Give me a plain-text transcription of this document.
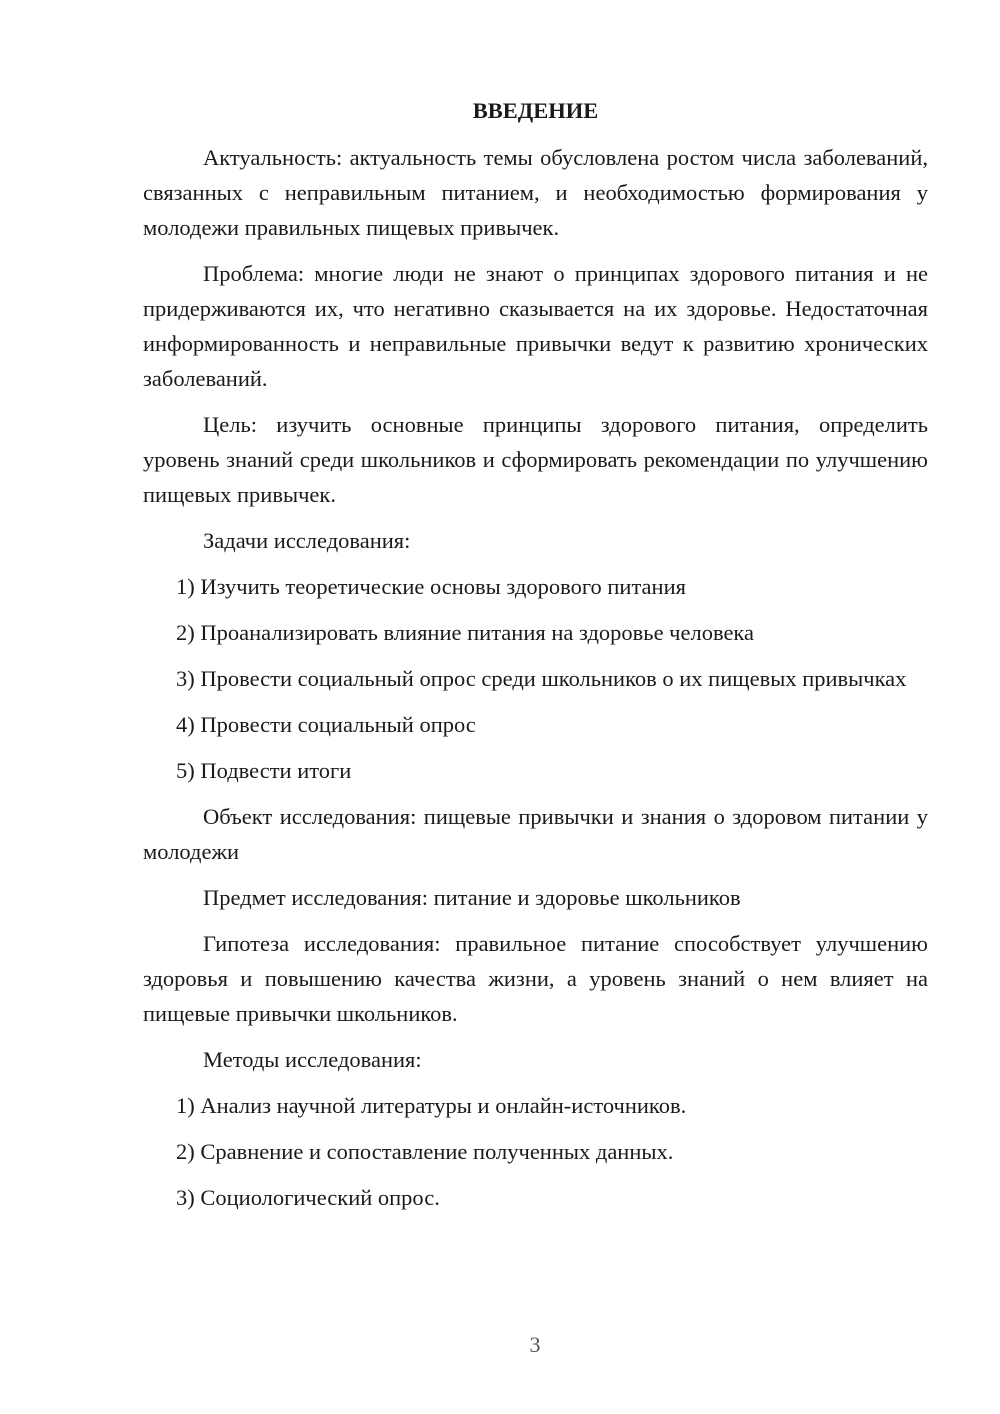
ВВЕДЕНИЕ

Актуальность: актуальность темы обусловлена ростом числа заболеваний, связанных с неправильным питанием, и необходимостью формирования у молодежи правильных пищевых привычек.

Проблема: многие люди не знают о принципах здорового питания и не придерживаются их, что негативно сказывается на их здоровье. Недостаточная информированность и неправильные привычки ведут к развитию хронических заболеваний.

Цель: изучить основные принципы здорового питания, определить уровень знаний среди школьников и сформировать рекомендации по улучшению пищевых привычек.

Задачи исследования:

1) Изучить теоретические основы здорового питания

2) Проанализировать влияние питания на здоровье человека

3) Провести социальный опрос среди школьников о их пищевых привычках

4) Провести социальный опрос

5) Подвести итоги

Объект исследования: пищевые привычки и знания о здоровом питании у молодежи

Предмет исследования: питание и здоровье школьников

Гипотеза исследования: правильное питание способствует улучшению здоровья и повышению качества жизни, а уровень знаний о нем влияет на пищевые привычки школьников.

Методы исследования:

1) Анализ научной литературы и онлайн-источников.

2) Сравнение и сопоставление полученных данных.

3) Социологический опрос.

3
